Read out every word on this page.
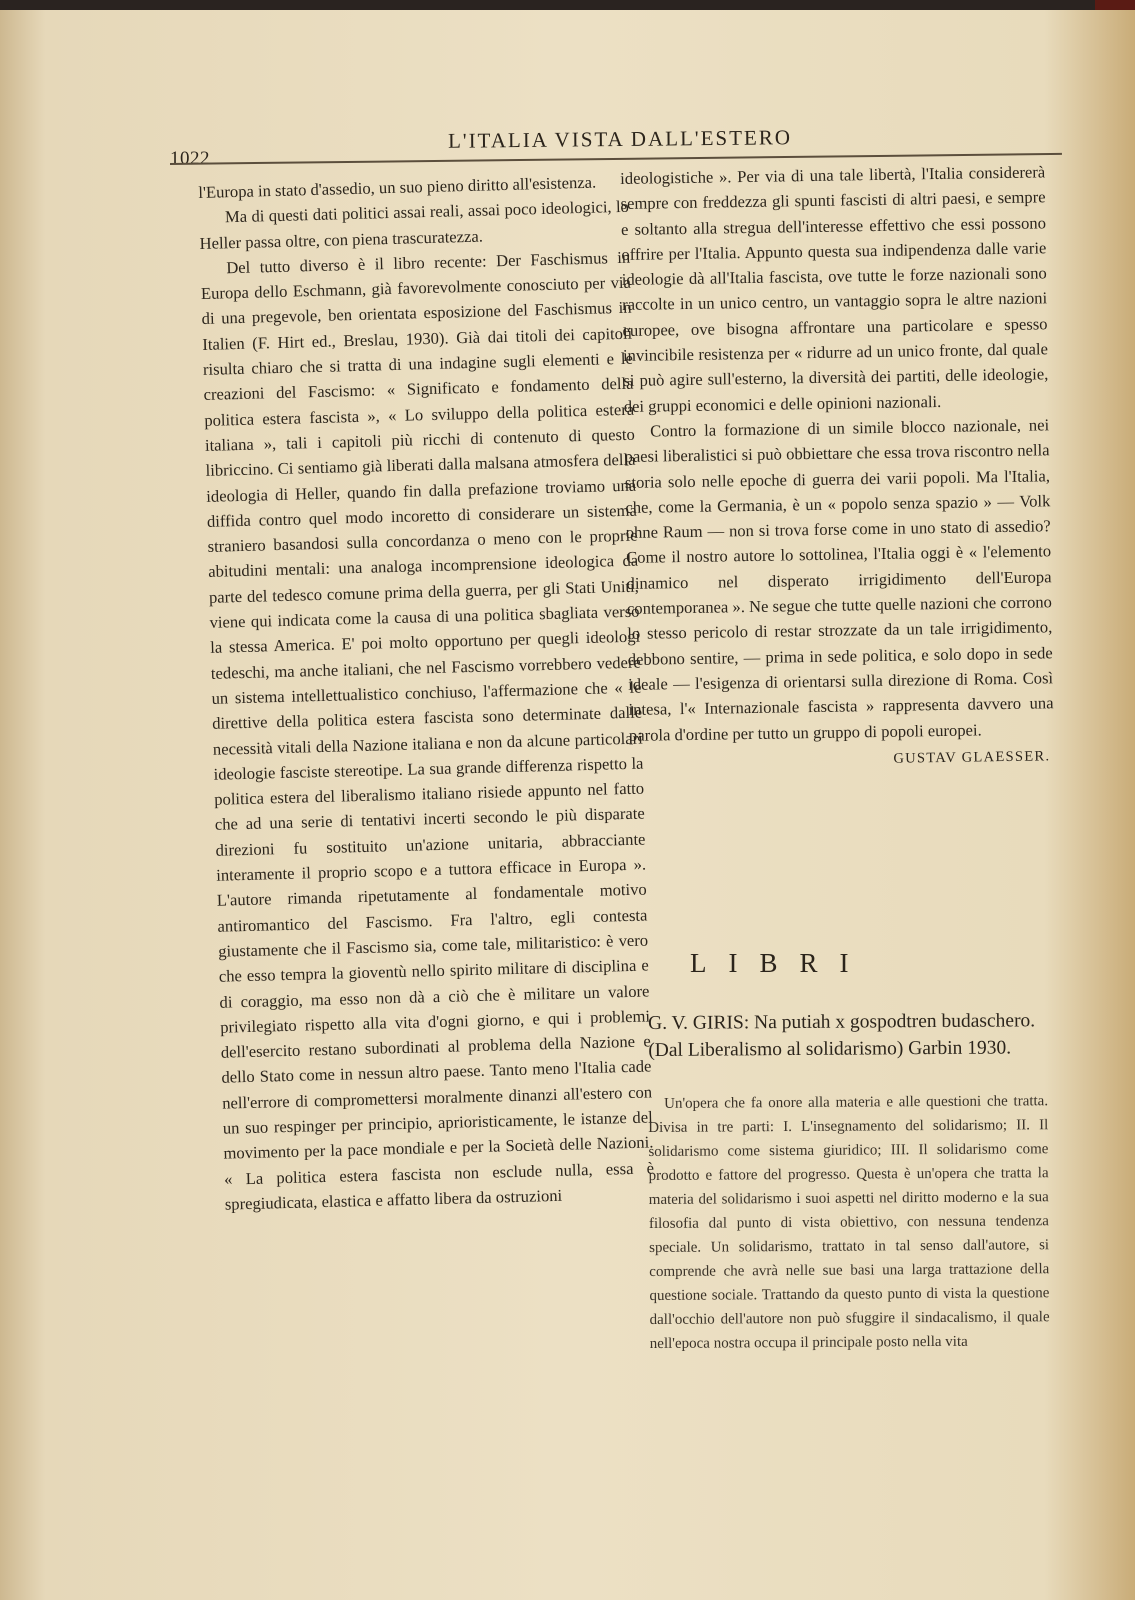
1022
L'ITALIA VISTA DALL'ESTERO

l'Europa in stato d'assedio, un suo pieno diritto all'esistenza.

Ma di questi dati politici assai reali, assai poco ideologici, lo Heller passa oltre, con piena trascuratezza.

Del tutto diverso è il libro recente: Der Faschismus in Europa dello Eschmann, già favorevolmente conosciuto per via di una pregevole, ben orientata esposizione del Faschismus in Italien (F. Hirt ed., Breslau, 1930). Già dai titoli dei capitoli risulta chiaro che si tratta di una indagine sugli elementi e le creazioni del Fascismo: « Significato e fondamento della politica estera fascista », « Lo sviluppo della politica estera italiana », tali i capitoli più ricchi di contenuto di questo libriccino. Ci sentiamo già liberati dalla malsana atmosfera della ideologia di Heller, quando fin dalla prefazione troviamo una diffida contro quel modo incoretto di considerare un sistema straniero basandosi sulla concordanza o meno con le proprie abitudini mentali: una analoga incomprensione ideologica da parte del tedesco comune prima della guerra, per gli Stati Uniti, viene qui indicata come la causa di una politica sbagliata verso la stessa America. E' poi molto opportuno per quegli ideologi tedeschi, ma anche italiani, che nel Fascismo vorrebbero vedere un sistema intellettualistico conchiuso, l'affermazione che « le direttive della politica estera fascista sono determinate dalle necessità vitali della Nazione italiana e non da alcune particolari ideologie fasciste stereotipe. La sua grande differenza rispetto la politica estera del liberalismo italiano risiede appunto nel fatto che ad una serie di tentativi incerti secondo le più disparate direzioni fu sostituito un'azione unitaria, abbracciante interamente il proprio scopo e a tuttora efficace in Europa ». L'autore rimanda ripetutamente al fondamentale motivo antiromantico del Fascismo. Fra l'altro, egli contesta giustamente che il Fascismo sia, come tale, militaristico: è vero che esso tempra la gioventù nello spirito militare di disciplina e di coraggio, ma esso non dà a ciò che è militare un valore privilegiato rispetto alla vita d'ogni giorno, e qui i problemi dell'esercito restano subordinati al problema della Nazione e dello Stato come in nessun altro paese. Tanto meno l'Italia cade nell'errore di compromettersi moralmente dinanzi all'estero con un suo respinger per principio, aprioristicamente, le istanze del movimento per la pace mondiale e per la Società delle Nazioni. « La politica estera fascista non esclude nulla, essa è spregiudicata, elastica e affatto libera da ostruzioni

ideologistiche ». Per via di una tale libertà, l'Italia considererà sempre con freddezza gli spunti fascisti di altri paesi, e sempre e soltanto alla stregua dell'interesse effettivo che essi possono offrire per l'Italia. Appunto questa sua indipendenza dalle varie ideologie dà all'Italia fascista, ove tutte le forze nazionali sono raccolte in un unico centro, un vantaggio sopra le altre nazioni europee, ove bisogna affrontare una particolare e spesso invincibile resistenza per « ridurre ad un unico fronte, dal quale si può agire sull'esterno, la diversità dei partiti, delle ideologie, dei gruppi economici e delle opinioni nazionali.

Contro la formazione di un simile blocco nazionale, nei paesi liberalistici si può obbiettare che essa trova riscontro nella storia solo nelle epoche di guerra dei varii popoli. Ma l'Italia, che, come la Germania, è un « popolo senza spazio » — Volk ohne Raum — non si trova forse come in uno stato di assedio? Come il nostro autore lo sottolinea, l'Italia oggi è « l'elemento dinamico nel disperato irrigidimento dell'Europa contemporanea ». Ne segue che tutte quelle nazioni che corrono lo stesso pericolo di restar strozzate da un tale irrigidimento, debbono sentire, — prima in sede politica, e solo dopo in sede ideale — l'esigenza di orientarsi sulla direzione di Roma. Così intesa, l'« Internazionale fascista » rappresenta davvero una parola d'ordine per tutto un gruppo di popoli europei.

GUSTAV GLAESSER.

LIBRI
G. V. GIRIS: Na putiah x gospodtren budaschero. (Dal Liberalismo al solidarismo) Garbin 1930.

Un'opera che fa onore alla materia e alle questioni che tratta. Divisa in tre parti: I. L'insegnamento del solidarismo; II. Il solidarismo come sistema giuridico; III. Il solidarismo come prodotto e fattore del progresso. Questa è un'opera che tratta la materia del solidarismo i suoi aspetti nel diritto moderno e la sua filosofia dal punto di vista obiettivo, con nessuna tendenza speciale. Un solidarismo, trattato in tal senso dall'autore, si comprende che avrà nelle sue basi una larga trattazione della questione sociale. Trattando da questo punto di vista la questione dall'occhio dell'autore non può sfuggire il sindacalismo, il quale nell'epoca nostra occupa il principale posto nella vita
